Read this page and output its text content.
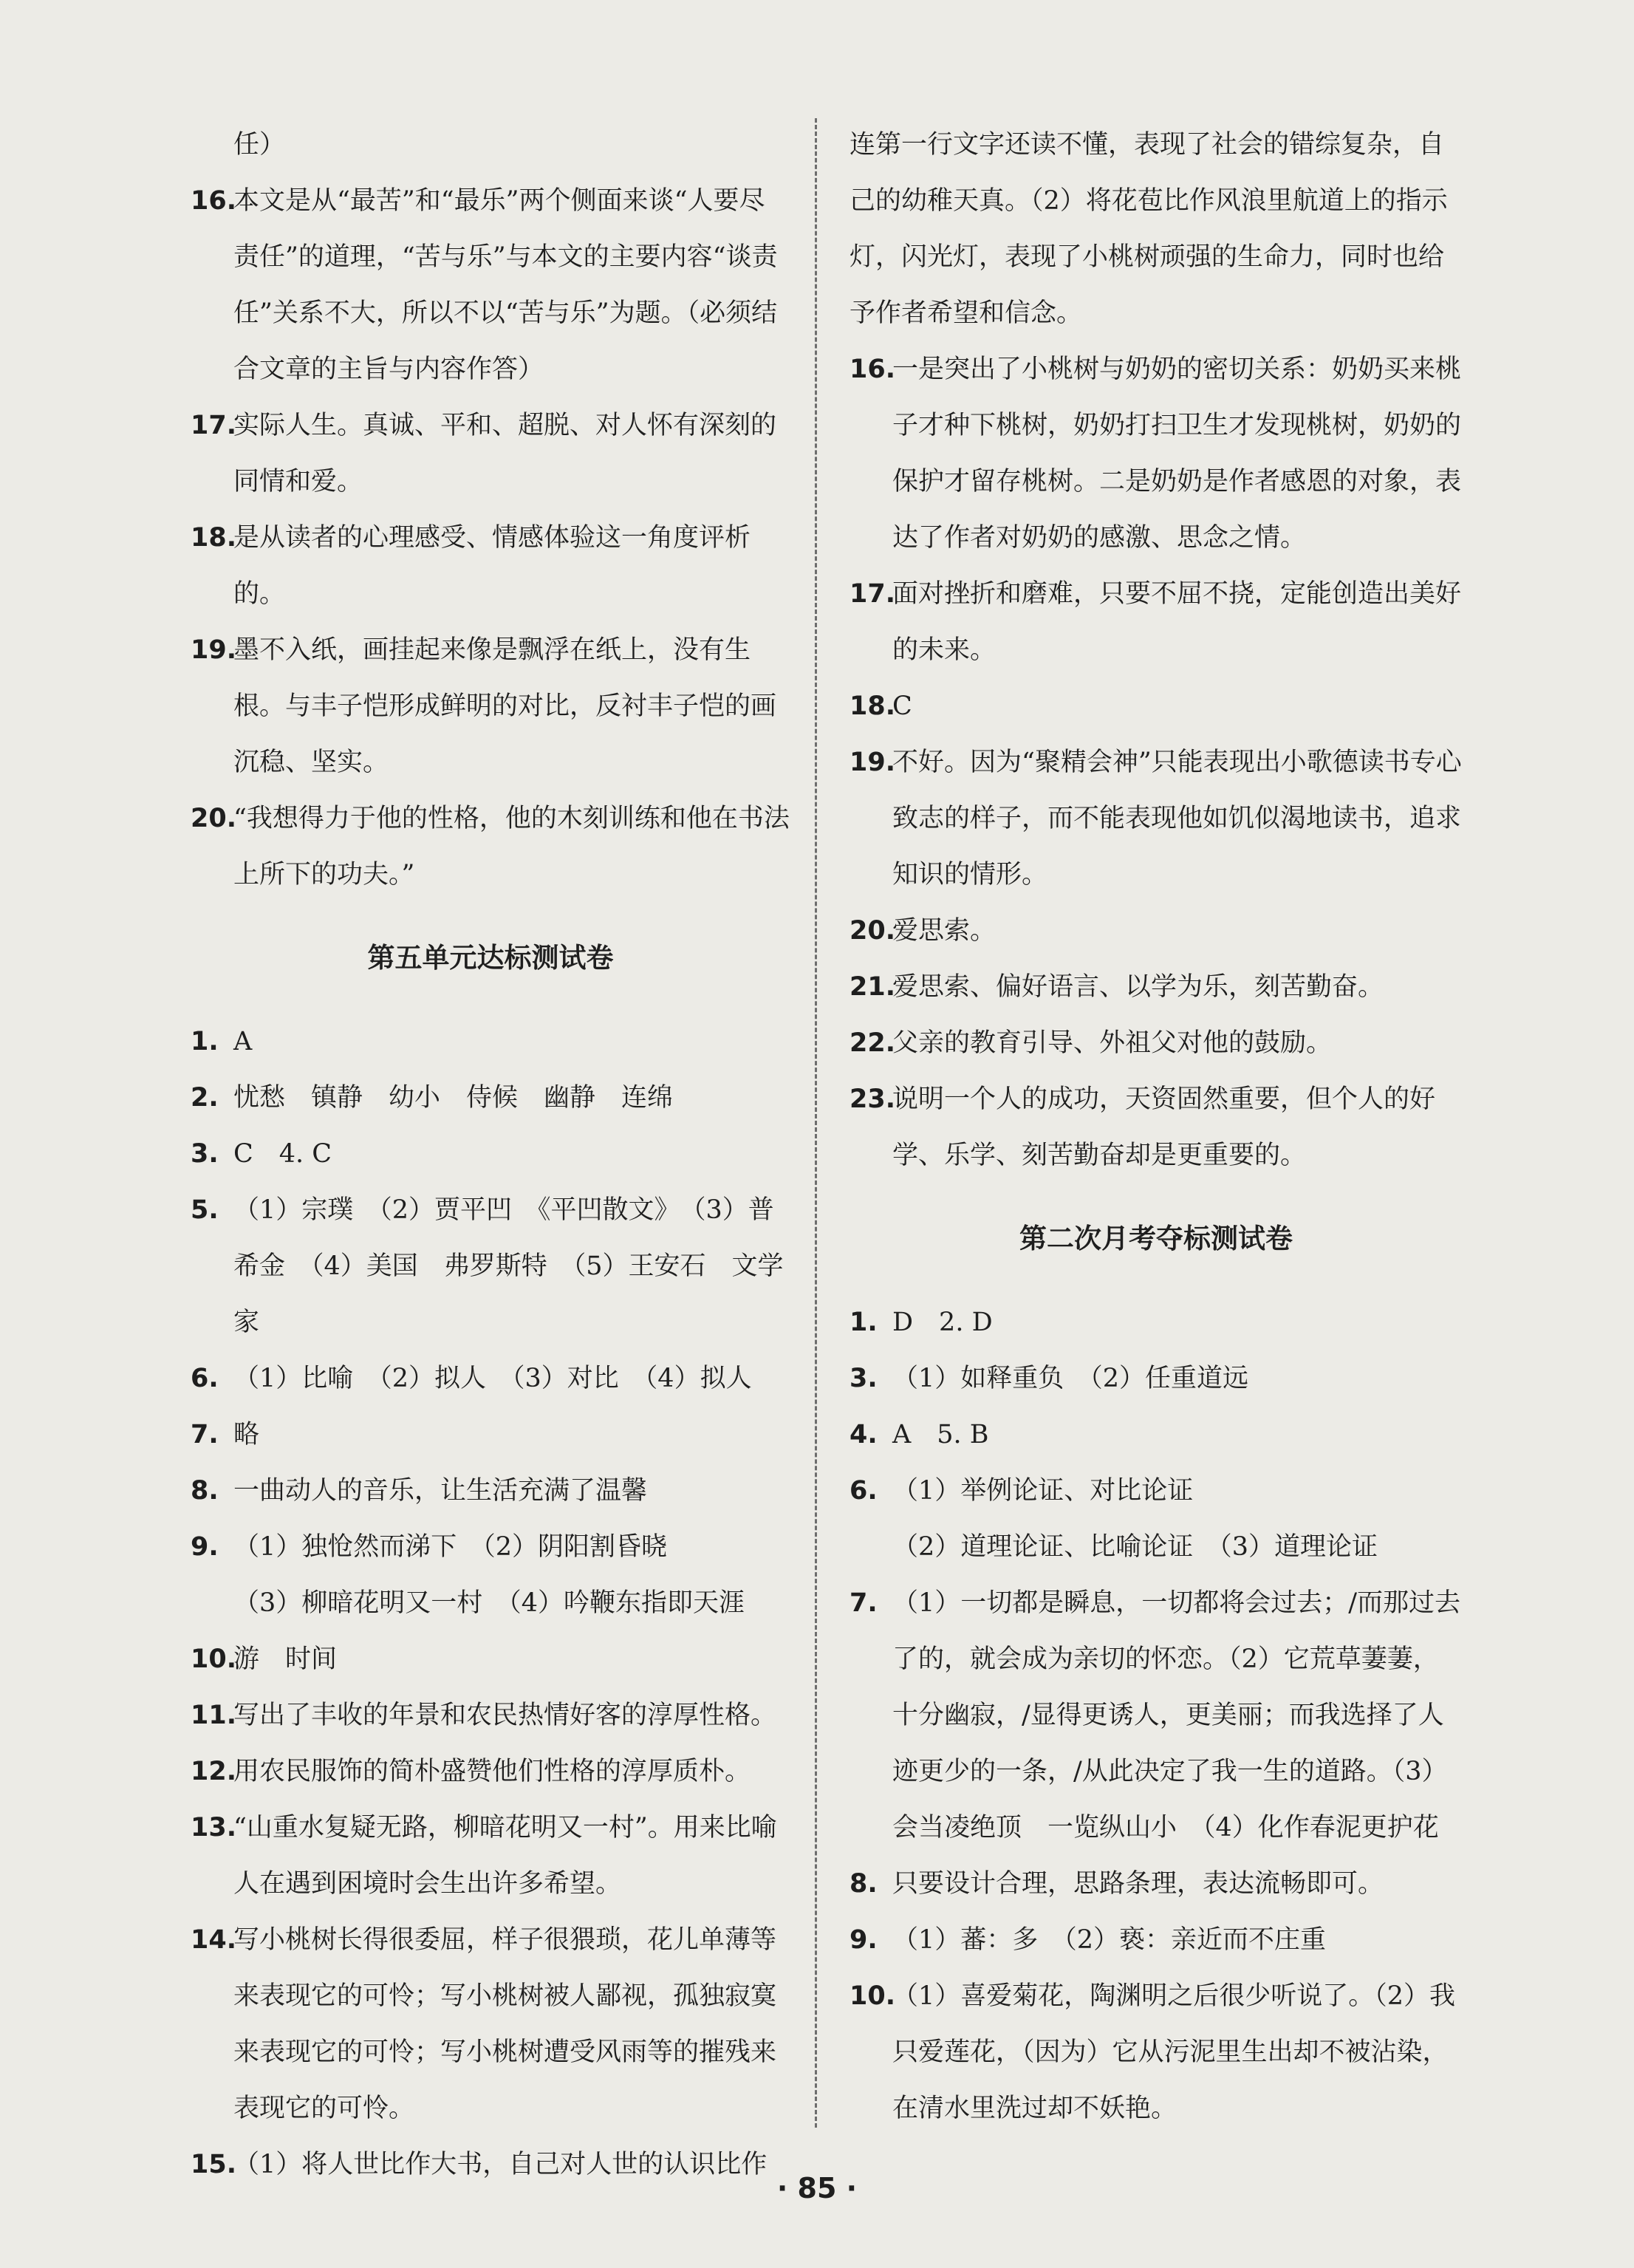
任）
16 . 本文是从“最苦”和“最乐”两个侧面来谈“人要尽责任”的道理，“苦与乐”与本文的主要内容“谈责任”关系不大，所以不以“苦与乐”为题。（必须结合文章的主旨与内容作答）
17 . 实际人生。真诚、平和、超脱、对人怀有深刻的同情和爱。
18 . 是从读者的心理感受、情感体验这一角度评析的。
19 . 墨不入纸，画挂起来像是飘浮在纸上，没有生根。与丰子恺形成鲜明的对比，反衬丰子恺的画沉稳、坚实。
20 . “我想得力于他的性格，他的木刻训练和他在书法上所下的功夫。”
第五单元达标测试卷
1 . A
2 . 忧愁　镇静　幼小　侍候　幽静　连绵
3 . C　4. C
5 . （1）宗璞　（2）贾平凹　《平凹散文》　（3）普希金　（4）美国　弗罗斯特　（5）王安石　文学家
6 . （1）比喻　（2）拟人　（3）对比　（4）拟人
7 . 略
8 . 一曲动人的音乐，让生活充满了温馨
9 . （1）独怆然而涕下　（2）阴阳割昏晓
（3）柳暗花明又一村　（4）吟鞭东指即天涯
10 . 游　时间
11 . 写出了丰收的年景和农民热情好客的淳厚性格。
12 . 用农民服饰的简朴盛赞他们性格的淳厚质朴。
13 . “山重水复疑无路，柳暗花明又一村”。用来比喻人在遇到困境时会生出许多希望。
14 . 写小桃树长得很委屈，样子很猥琐，花儿单薄等来表现它的可怜；写小桃树被人鄙视，孤独寂寞来表现它的可怜；写小桃树遭受风雨等的摧残来表现它的可怜。
15 . （1）将人世比作大书，自己对人世的认识比作
连第一行文字还读不懂，表现了社会的错综复杂，自己的幼稚天真。（2）将花苞比作风浪里航道上的指示灯，闪光灯，表现了小桃树顽强的生命力，同时也给予作者希望和信念。
16 . 一是突出了小桃树与奶奶的密切关系：奶奶买来桃子才种下桃树，奶奶打扫卫生才发现桃树，奶奶的保护才留存桃树。二是奶奶是作者感恩的对象，表达了作者对奶奶的感激、思念之情。
17 . 面对挫折和磨难，只要不屈不挠，定能创造出美好的未来。
18 . C
19 . 不好。因为“聚精会神”只能表现出小歌德读书专心致志的样子，而不能表现他如饥似渴地读书，追求知识的情形。
20 . 爱思索。
21 . 爱思索、偏好语言、以学为乐，刻苦勤奋。
22 . 父亲的教育引导、外祖父对他的鼓励。
23 . 说明一个人的成功，天资固然重要，但个人的好学、乐学、刻苦勤奋却是更重要的。
第二次月考夺标测试卷
1 . D　2. D
3 . （1）如释重负　（2）任重道远
4 . A　5. B
6 . （1）举例论证、对比论证
（2）道理论证、比喻论证　（3）道理论证
7 . （1）一切都是瞬息，一切都将会过去；/而那过去了的，就会成为亲切的怀恋。（2）它荒草萋萋，十分幽寂，/显得更诱人，更美丽；而我选择了人迹更少的一条，/从此决定了我一生的道路。（3）会当凌绝顶　一览纵山小　（4）化作春泥更护花
8 . 只要设计合理，思路条理，表达流畅即可。
9 . （1）蕃：多　（2）亵：亲近而不庄重
10 . （1）喜爱菊花，陶渊明之后很少听说了。（2）我只爱莲花，（因为）它从污泥里生出却不被沾染，在清水里洗过却不妖艳。
· 85 ·
